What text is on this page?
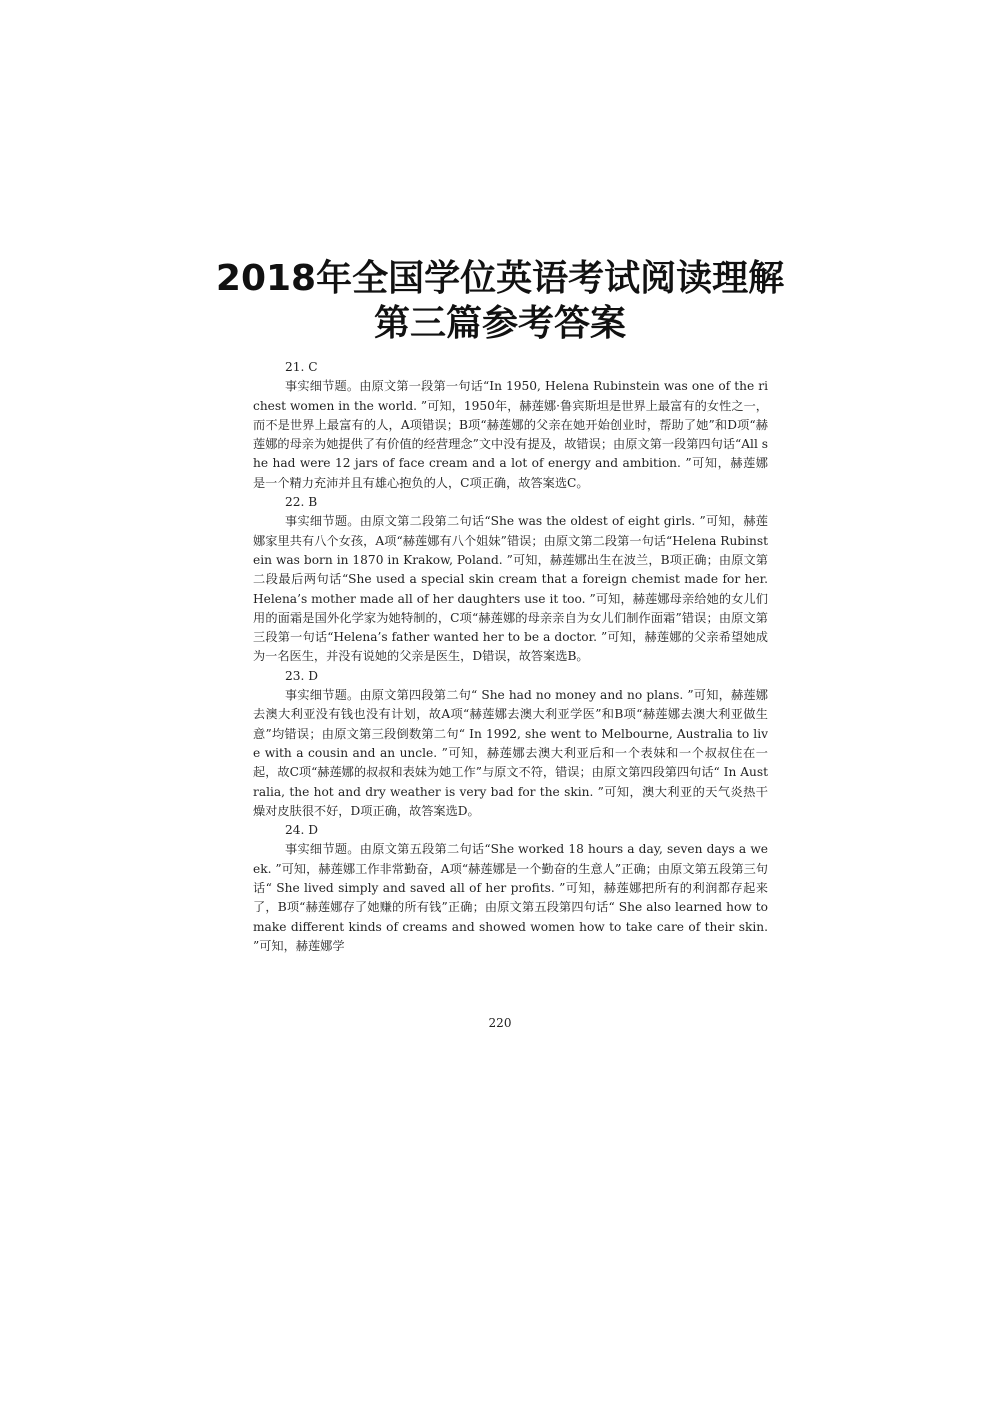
2018年全国学位英语考试阅读理解
第三篇参考答案
21. C
事实细节题。由原文第一段第一句话“In 1950, Helena Rubinstein was one of the richest women in the world. ”可知，1950年，赫莲娜·鲁宾斯坦是世界上最富有的女性之一，而不是世界上最富有的人，A项错误；B项“赫莲娜的父亲在她开始创业时，帮助了她”和D项“赫莲娜的母亲为她提供了有价值的经营理念”文中没有提及，故错误；由原文第一段第四句话“All she had were 12 jars of face cream and a lot of energy and ambition. ”可知，赫莲娜是一个精力充沛并且有雄心抱负的人，C项正确，故答案选C。
22. B
事实细节题。由原文第二段第二句话“She was the oldest of eight girls. ”可知，赫莲娜家里共有八个女孩，A项“赫莲娜有八个姐妹”错误；由原文第二段第一句话“Helena Rubinstein was born in 1870 in Krakow, Poland. ”可知，赫莲娜出生在波兰，B项正确；由原文第二段最后两句话“She used a special skin cream that a foreign chemist made for her. Helena’s mother made all of her daughters use it too. ”可知，赫莲娜母亲给她的女儿们用的面霜是国外化学家为她特制的，C项“赫莲娜的母亲亲自为女儿们制作面霜”错误；由原文第三段第一句话“Helena’s father wanted her to be a doctor. ”可知，赫莲娜的父亲希望她成为一名医生，并没有说她的父亲是医生，D错误，故答案选B。
23. D
事实细节题。由原文第四段第二句“ She had no money and no plans. ”可知，赫莲娜去澳大利亚没有钱也没有计划，故A项“赫莲娜去澳大利亚学医”和B项“赫莲娜去澳大利亚做生意”均错误；由原文第三段倒数第二句“ In 1992, she went to Melbourne, Australia to live with a cousin and an uncle. ”可知，赫莲娜去澳大利亚后和一个表妹和一个叔叔住在一起，故C项“赫莲娜的叔叔和表妹为她工作”与原文不符，错误；由原文第四段第四句话“ In Australia, the hot and dry weather is very bad for the skin. ”可知，澳大利亚的天气炎热干燥对皮肤很不好，D项正确，故答案选D。
24. D
事实细节题。由原文第五段第二句话“She worked 18 hours a day, seven days a week. ”可知，赫莲娜工作非常勤奋，A项“赫莲娜是一个勤奋的生意人”正确；由原文第五段第三句话“ She lived simply and saved all of her profits. ”可知，赫莲娜把所有的利润都存起来了，B项“赫莲娜存了她赚的所有钱”正确；由原文第五段第四句话“ She also learned how to make different kinds of creams and showed women how to take care of their skin. ”可知，赫莲娜学
220
